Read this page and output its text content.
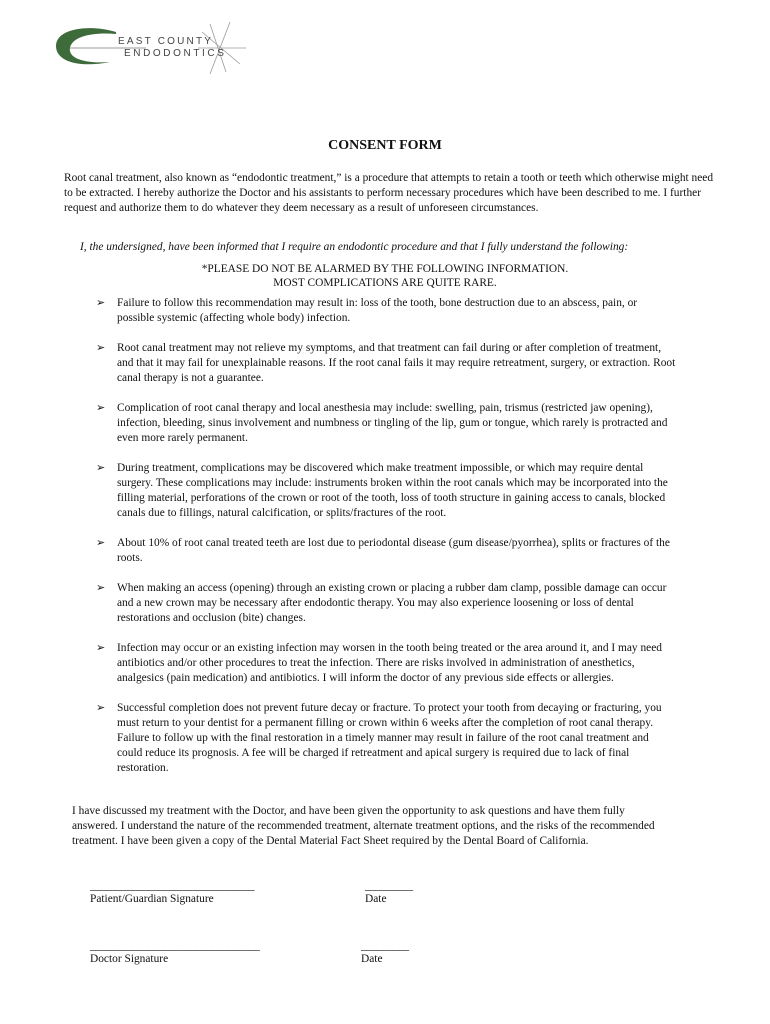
EAST COUNTY
ENDODONTICS
CONSENT FORM

Root canal treatment, also known as “endodontic treatment,” is a procedure that attempts to retain a tooth or teeth which otherwise might need to be extracted. I hereby authorize the Doctor and his assistants to perform necessary procedures which have been described to me. I further request and authorize them to do whatever they deem necessary as a result of unforeseen circumstances.

I, the undersigned, have been informed that I require an endodontic procedure and that I fully understand the following:

*PLEASE DO NOT BE ALARMED BY THE FOLLOWING INFORMATION.
MOST COMPLICATIONS ARE QUITE RARE.
➢ Failure to follow this recommendation may result in: loss of the tooth, bone destruction due to an abscess, pain, or possible systemic (affecting whole body) infection.
➢ Root canal treatment may not relieve my symptoms, and that treatment can fail during or after completion of treatment, and that it may fail for unexplainable reasons. If the root canal fails it may require retreatment, surgery, or extraction. Root canal therapy is not a guarantee.
➢ Complication of root canal therapy and local anesthesia may include: swelling, pain, trismus (restricted jaw opening), infection, bleeding, sinus involvement and numbness or tingling of the lip, gum or tongue, which rarely is protracted and even more rarely permanent.
➢ During treatment, complications may be discovered which make treatment impossible, or which may require dental surgery. These complications may include: instruments broken within the root canals which may be incorporated into the filling material, perforations of the crown or root of the tooth, loss of tooth structure in gaining access to canals, blocked canals due to fillings, natural calcification, or splits/fractures of the root.
➢ About 10% of root canal treated teeth are lost due to periodontal disease (gum disease/pyorrhea), splits or fractures of the roots.
➢ When making an access (opening) through an existing crown or placing a rubber dam clamp, possible damage can occur and a new crown may be necessary after endodontic therapy. You may also experience loosening or loss of dental restorations and occlusion (bite) changes.
➢ Infection may occur or an existing infection may worsen in the tooth being treated or the area around it, and I may need antibiotics and/or other procedures to treat the infection. There are risks involved in administration of anesthetics, analgesics (pain medication) and antibiotics. I will inform the doctor of any previous side effects or allergies.
➢ Successful completion does not prevent future decay or fracture. To protect your tooth from decaying or fracturing, you must return to your dentist for a permanent filling or crown within 6 weeks after the completion of root canal therapy. Failure to follow up with the final restoration in a timely manner may result in failure of the root canal treatment and could reduce its prognosis. A fee will be charged if retreatment and apical surgery is required due to lack of final restoration.

I have discussed my treatment with the Doctor, and have been given the opportunity to ask questions and have them fully answered. I understand the nature of the recommended treatment, alternate treatment options, and the risks of the recommended treatment. I have been given a copy of the Dental Material Fact Sheet required by the Dental Board of California.

_______________________________
Patient/Guardian Signature
_________
Date
________________________________
Doctor Signature
_________
Date
